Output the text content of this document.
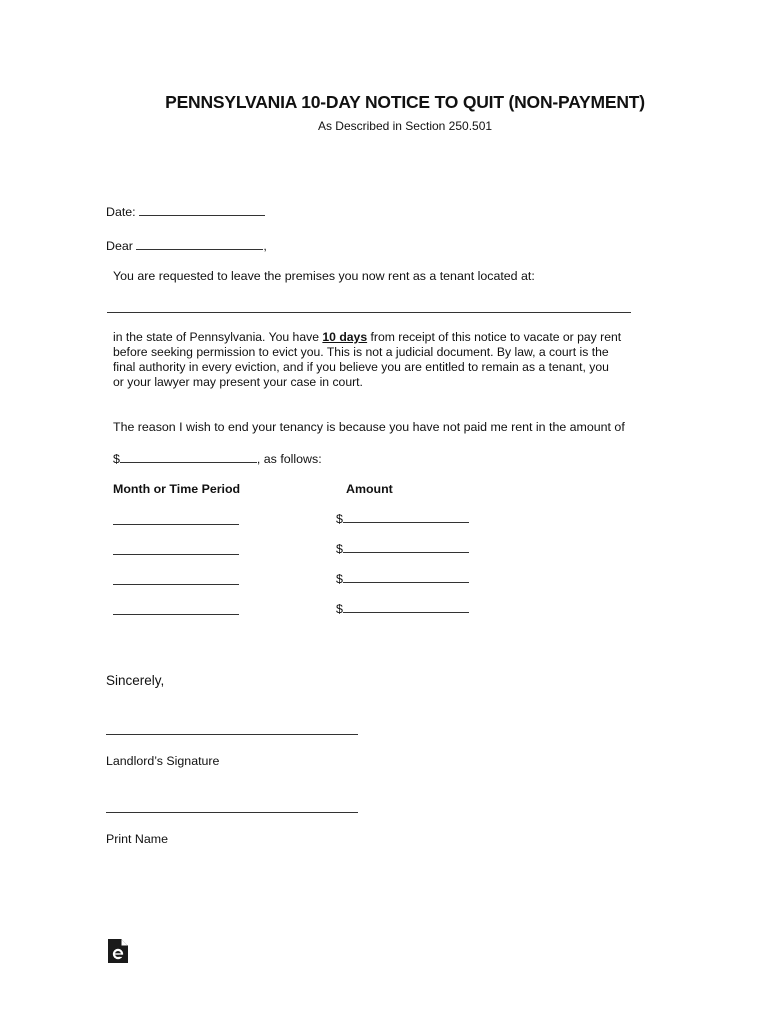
PENNSYLVANIA 10-DAY NOTICE TO QUIT (NON-PAYMENT)
As Described in Section 250.501
Date:
Dear	,
You are requested to leave the premises you now rent as a tenant located at:
in the state of Pennsylvania. You have 10 days from receipt of this notice to vacate or pay rent
before seeking permission to evict you. This is not a judicial document. By law, a court is the
final authority in every eviction, and if you believe you are entitled to remain as a tenant, you
or your lawyer may present your case in court.
The reason I wish to end your tenancy is because you have not paid me rent in the amount of
$	, as follows:
Month or Time Period	Amount
$
$
$
$
Sincerely,
Landlord’s Signature
Print Name
